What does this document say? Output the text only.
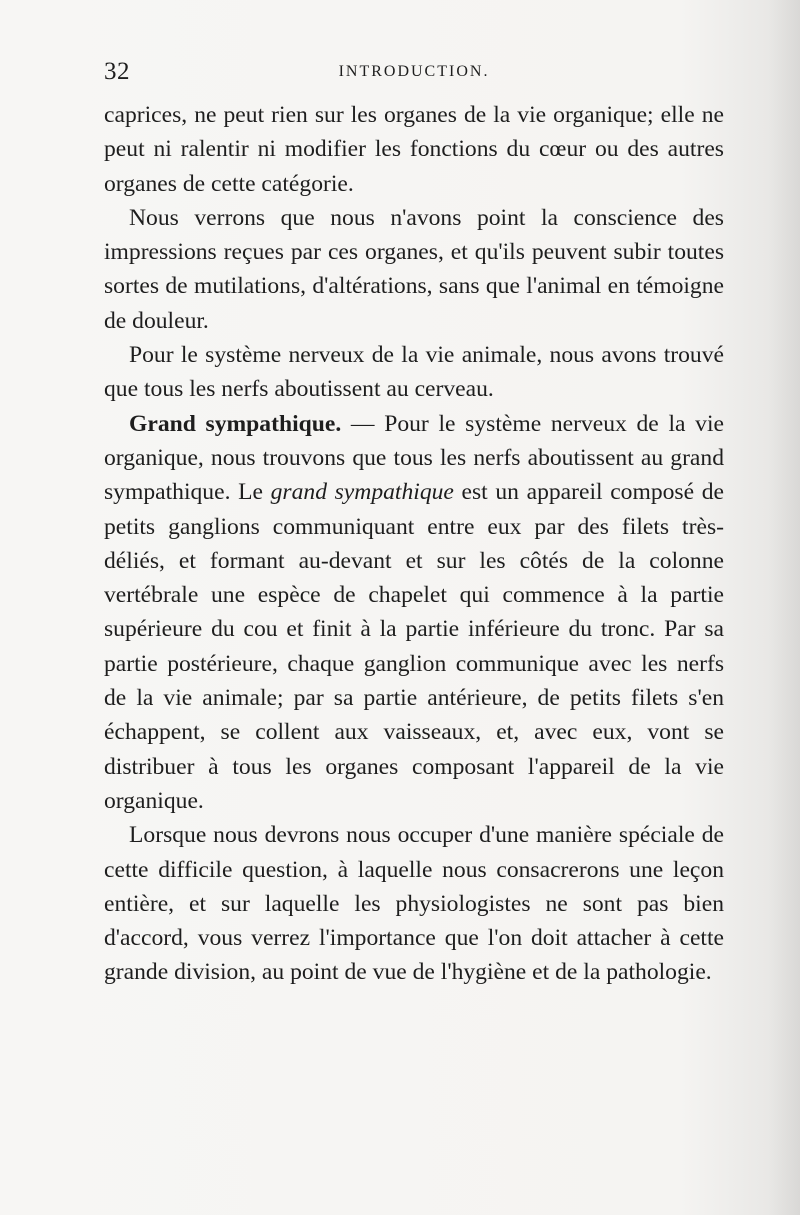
32	INTRODUCTION.

caprices, ne peut rien sur les organes de la vie organique; elle ne peut ni ralentir ni modifier les fonctions du cœur ou des autres organes de cette catégorie.

Nous verrons que nous n'avons point la conscience des impressions reçues par ces organes, et qu'ils peuvent subir toutes sortes de mutilations, d'altérations, sans que l'animal en témoigne de douleur.

Pour le système nerveux de la vie animale, nous avons trouvé que tous les nerfs aboutissent au cerveau.

Grand sympathique. — Pour le système nerveux de la vie organique, nous trouvons que tous les nerfs aboutissent au grand sympathique. Le grand sympathique est un appareil composé de petits ganglions communiquant entre eux par des filets très-déliés, et formant au-devant et sur les côtés de la colonne vertébrale une espèce de chapelet qui commence à la partie supérieure du cou et finit à la partie inférieure du tronc. Par sa partie postérieure, chaque ganglion communique avec les nerfs de la vie animale; par sa partie antérieure, de petits filets s'en échappent, se collent aux vaisseaux, et, avec eux, vont se distribuer à tous les organes composant l'appareil de la vie organique.

Lorsque nous devrons nous occuper d'une manière spéciale de cette difficile question, à laquelle nous consacrerons une leçon entière, et sur laquelle les physiologistes ne sont pas bien d'accord, vous verrez l'importance que l'on doit attacher à cette grande division, au point de vue de l'hygiène et de la pathologie.
